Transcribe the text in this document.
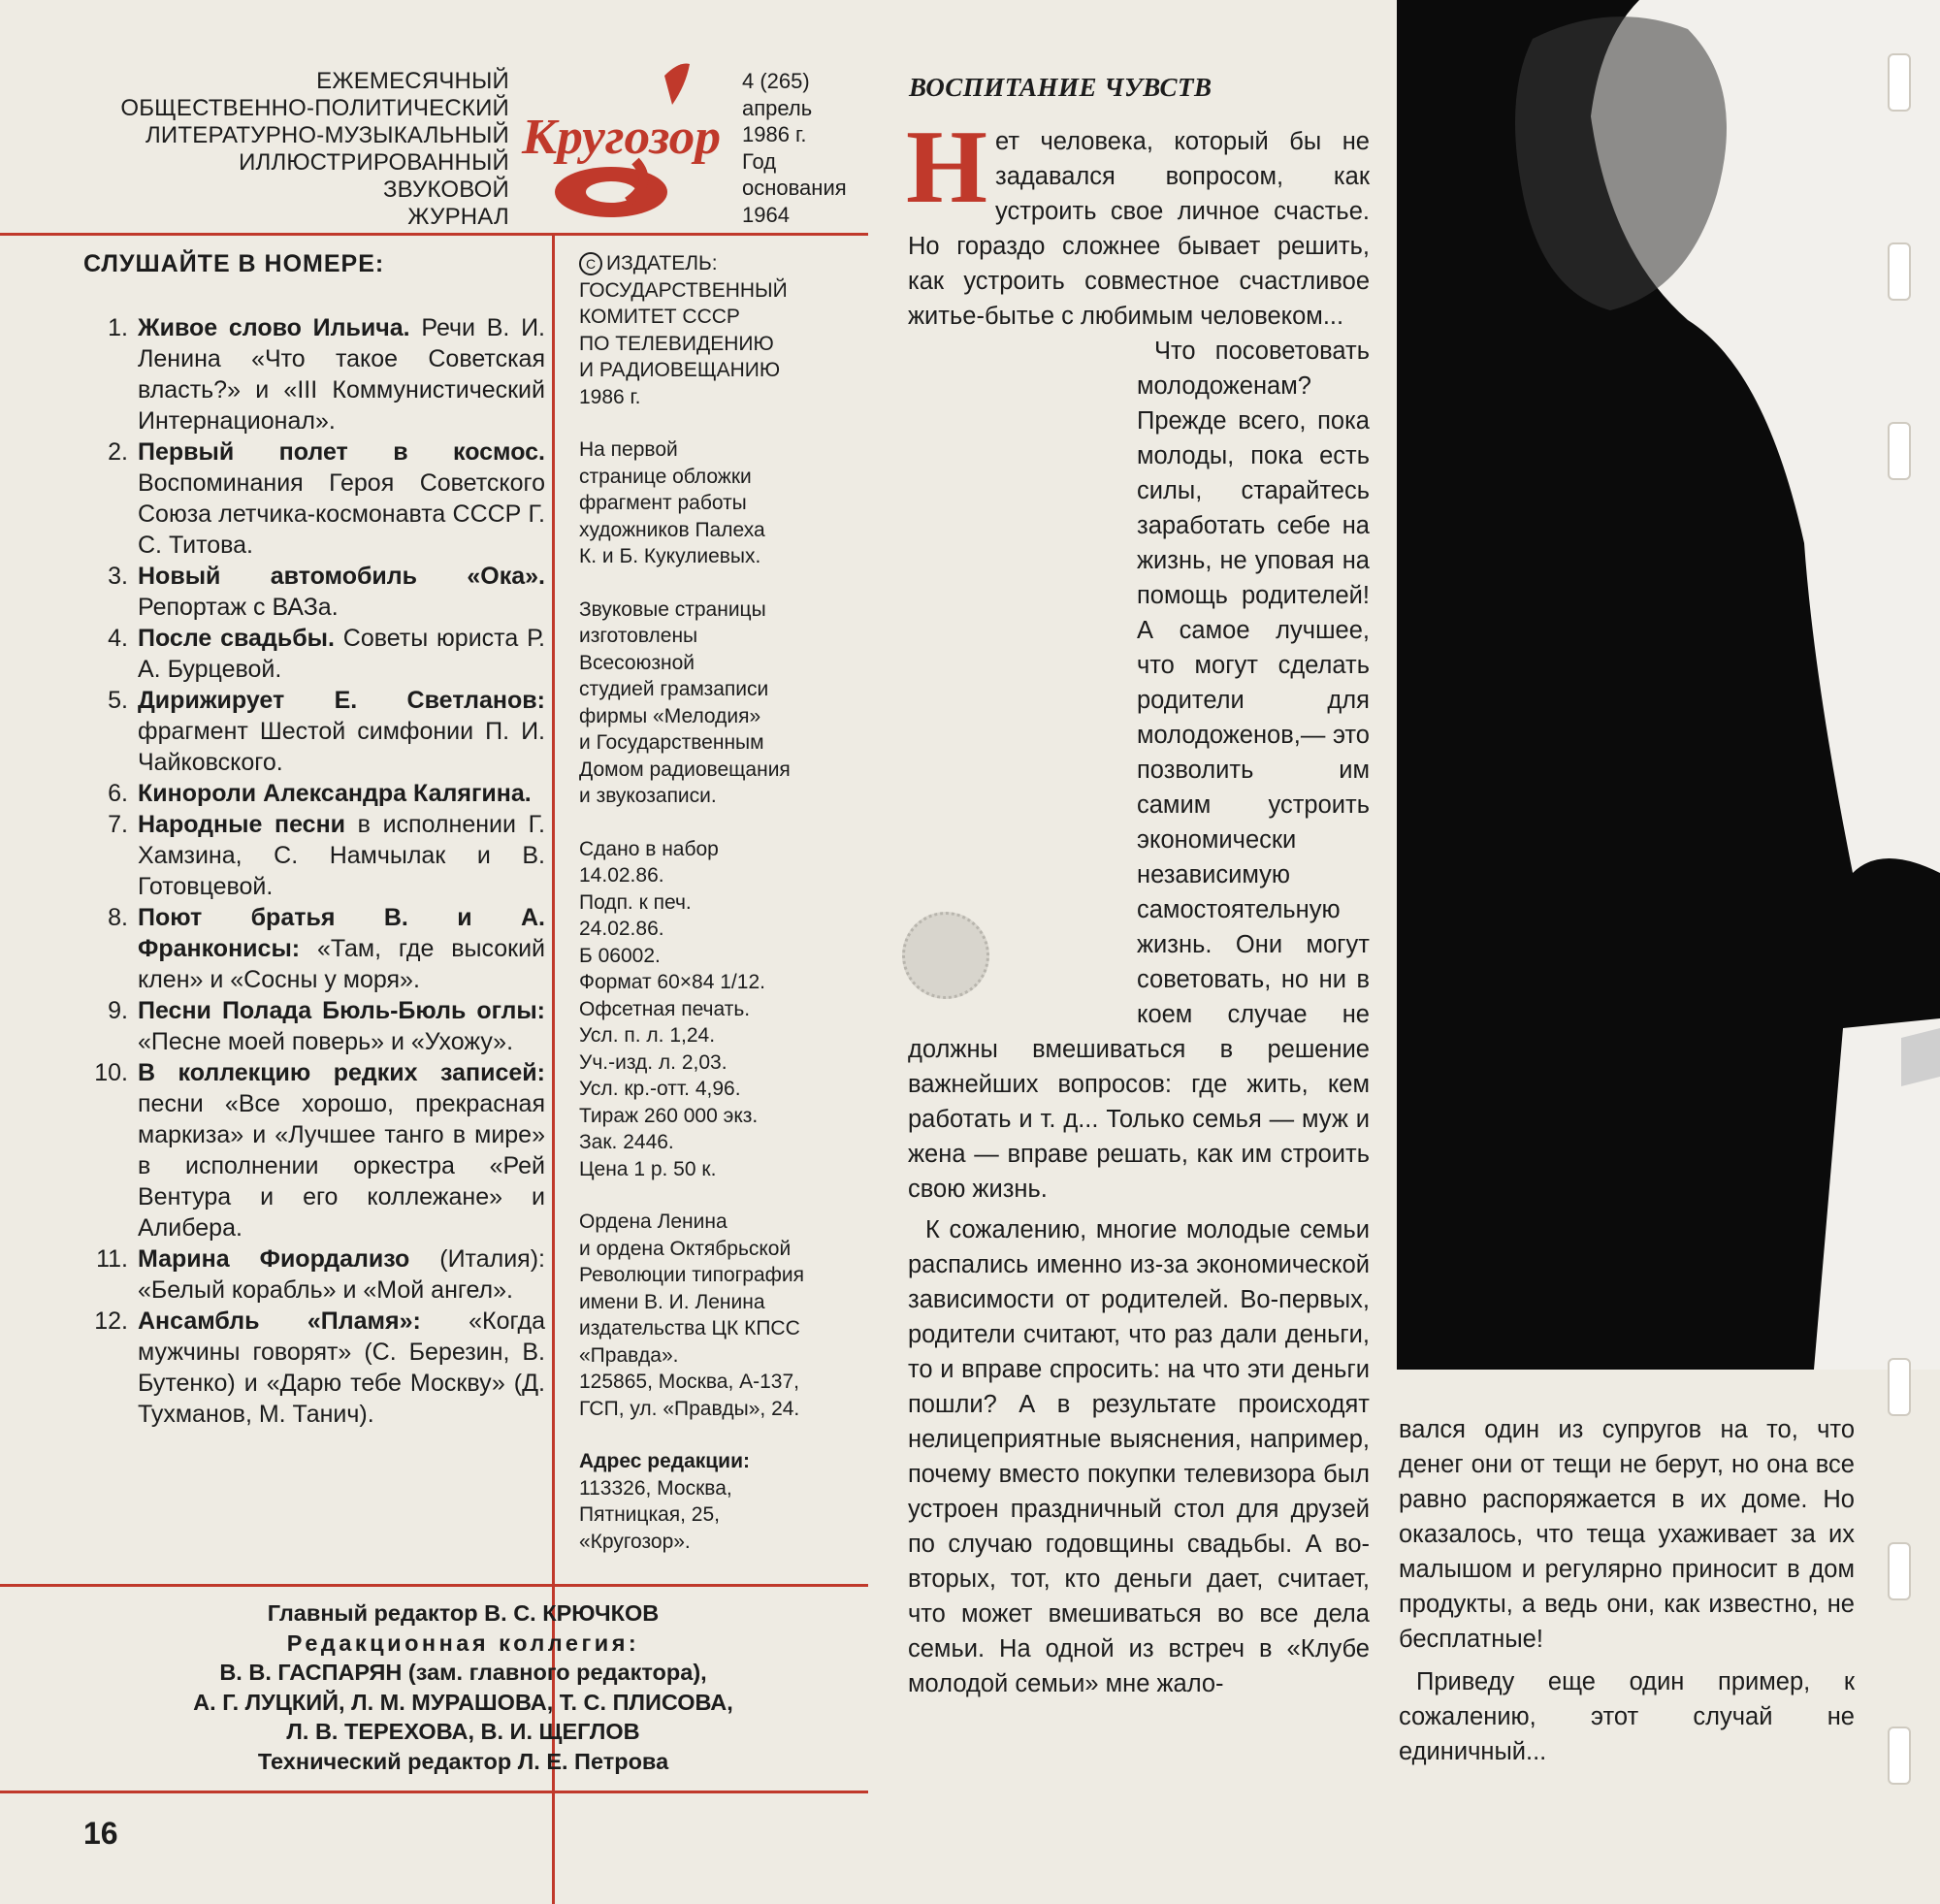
ЕЖЕМЕСЯЧНЫЙ
ОБЩЕСТВЕННО-ПОЛИТИЧЕСКИЙ
ЛИТЕРАТУРНО-МУЗЫКАЛЬНЫЙ
ИЛЛЮСТРИРОВАННЫЙ
ЗВУКОВОЙ
ЖУРНАЛ
Кругозор
4 (265)
апрель
1986 г.
Год
основания
1964
СЛУШАЙТЕ В НОМЕРЕ:
1. Живое слово Ильича. Речи В. И. Ленина «Что такое Советская власть?» и «III Коммунистический Интернационал».
2. Первый полет в космос. Воспоминания Героя Советского Союза летчика-космонавта СССР Г. С. Титова.
3. Новый автомобиль «Ока». Репортаж с ВАЗа.
4. После свадьбы. Советы юриста Р. А. Бурцевой.
5. Дирижирует Е. Светланов: фрагмент Шестой симфонии П. И. Чайковского.
6. Кинороли Александра Калягина.
7. Народные песни в исполнении Г. Хамзина, С. Намчылак и В. Готовцевой.
8. Поют братья В. и А. Франконисы: «Там, где высокий клен» и «Сосны у моря».
9. Песни Полада Бюль-Бюль оглы: «Песне моей поверь» и «Ухожу».
10. В коллекцию редких записей: песни «Все хорошо, прекрасная маркиза» и «Лучшее танго в мире» в исполнении оркестра «Рей Вентура и его коллежане» и Алибера.
11. Марина Фиордализо (Италия): «Белый корабль» и «Мой ангел».
12. Ансамбль «Пламя»: «Когда мужчины говорят» (С. Березин, В. Бутенко) и «Дарю тебе Москву» (Д. Тухманов, М. Танич).
C ИЗДАТЕЛЬ:
ГОСУДАРСТВЕННЫЙ
КОМИТЕТ СССР
ПО ТЕЛЕВИДЕНИЮ
И РАДИОВЕЩАНИЮ
1986 г.
На первой
странице обложки
фрагмент работы
художников Палеха
К. и Б. Кукулиевых.
Звуковые страницы
изготовлены
Всесоюзной
студией грамзаписи
фирмы «Мелодия»
и Государственным
Домом радиовещания
и звукозаписи.
Сдано в набор
14.02.86.
Подп. к печ.
24.02.86.
Б 06002.
Формат 60×84 1/12.
Офсетная печать.
Усл. п. л. 1,24.
Уч.-изд. л. 2,03.
Усл. кр.-отт. 4,96.
Тираж 260 000 экз.
Зак. 2446.
Цена 1 р. 50 к.
Ордена Ленина
и ордена Октябрьской
Революции типография
имени В. И. Ленина
издательства ЦК КПСС
«Правда».
125865, Москва, А-137,
ГСП, ул. «Правды», 24.
Адрес редакции:
113326, Москва,
Пятницкая, 25,
«Кругозор».
Главный редактор В. С. КРЮЧКОВ
Редакционная коллегия:
В. В. ГАСПАРЯН (зам. главного редактора),
А. Г. ЛУЦКИЙ, Л. М. МУРАШОВА, Т. С. ПЛИСОВА,
Л. В. ТЕРЕХОВА, В. И. ЩЕГЛОВ
Технический редактор Л. Е. Петрова
16
ВОСПИТАНИЕ ЧУВСТВ

Н ет человека, который бы не задавался вопросом, как устроить свое личное счастье. Но гораздо сложнее бывает решить, как устроить совместное счастливое житье-бытье с любимым человеком...

Что посоветовать молодоженам? Прежде всего, пока молоды, пока есть силы, старайтесь заработать себе на жизнь, не уповая на помощь родителей! А самое лучшее, что могут сделать родители для молодоженов,— это позволить им самим устроить экономически независимую самостоятельную жизнь. Они могут советовать, но ни в коем случае не должны вмешиваться в решение важнейших вопросов: где жить, кем работать и т. д... Только семья — муж и жена — вправе решать, как им строить свою жизнь.

К сожалению, многие молодые семьи распались именно из-за экономической зависимости от родителей. Во-первых, родители считают, что раз дали деньги, то и вправе спросить: на что эти деньги пошли? А в результате происходят нелицеприятные выяснения, например, почему вместо покупки телевизора был устроен праздничный стол для друзей по случаю годовщины свадьбы. А во-вторых, тот, кто деньги дает, считает, что может вмешиваться во все дела семьи. На одной из встреч в «Клубе молодой семьи» мне жало-

вался один из супругов на то, что денег они от тещи не берут, но она все равно распоряжается в их доме. Но оказалось, что теща ухаживает за их малышом и регулярно приносит в дом продукты, а ведь они, как известно, не бесплатные!

Приведу еще один пример, к сожалению, этот случай не единичный...
